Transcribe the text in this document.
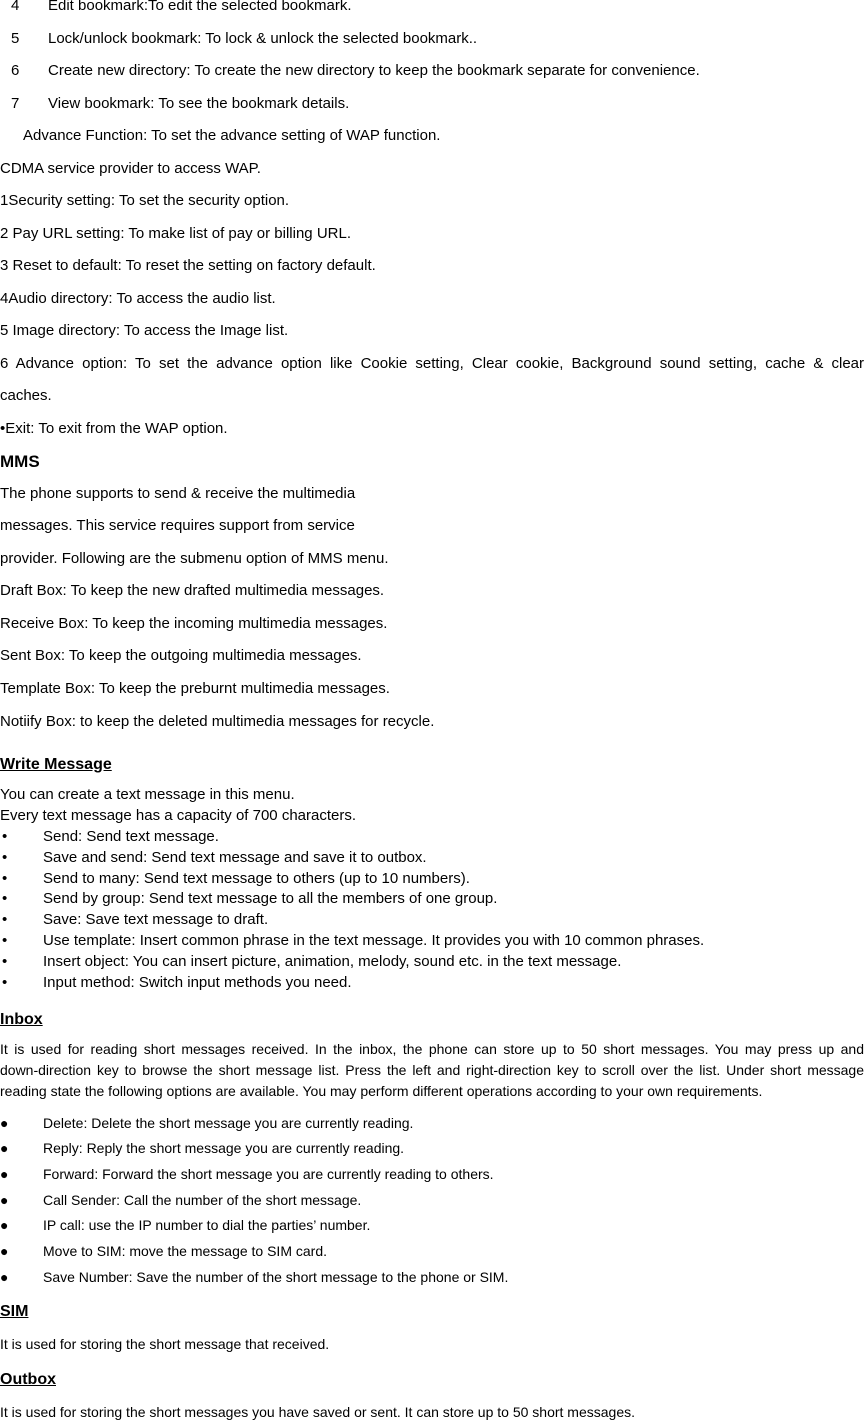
4	Edit bookmark:To edit the selected bookmark.
5	Lock/unlock bookmark: To lock & unlock the selected bookmark..
6	Create new directory: To create the new directory to keep the bookmark separate for convenience.
7	View bookmark: To see the bookmark details.
Advance Function: To set the advance setting of WAP function.
CDMA service provider to access WAP.
1Security setting: To set the security option.
2 Pay URL setting: To make list of pay or billing URL.
3 Reset to default: To reset the setting on factory default.
4Audio directory: To access the audio list.
5 Image directory: To access the Image list.
6 Advance option: To set the advance option like Cookie setting, Clear cookie, Background sound setting, cache & clear
caches.
•Exit: To exit from the WAP option.
MMS
The phone supports to send & receive the multimedia
messages. This service requires support from service
provider. Following are the submenu option of MMS menu.
Draft Box: To keep the new drafted multimedia messages.
Receive Box: To keep the incoming multimedia messages.
Sent Box: To keep the outgoing multimedia messages.
Template Box: To keep the preburnt multimedia messages.
Notiify Box: to keep the deleted multimedia messages for recycle.
Write Message
You can create a text message in this menu.
Every text message has a capacity of 700 characters.
•	Send: Send text message.
•	Save and send: Send text message and save it to outbox.
•	Send to many: Send text message to others (up to 10 numbers).
•	Send by group: Send text message to all the members of one group.
•	Save: Save text message to draft.
•	Use template: Insert common phrase in the text message. It provides you with 10 common phrases.
•	Insert object: You can insert picture, animation, melody, sound etc. in the text message.
•	Input method: Switch input methods you need.
Inbox
It is used for reading short messages received. In the inbox, the phone can store up to 50 short messages. You may press up and
down-direction key to browse the short message list. Press the left and right-direction key to scroll over the list. Under short message
reading state the following options are available. You may perform different operations according to your own requirements.
● Delete: Delete the short message you are currently reading.
● Reply: Reply the short message you are currently reading.
● Forward: Forward the short message you are currently reading to others.
● Call Sender: Call the number of the short message.
● IP call: use the IP number to dial the parties’ number.
● Move to SIM: move the message to SIM card.
● Save Number: Save the number of the short message to the phone or SIM.
SIM
It is used for storing the short message that received.
Outbox
It is used for storing the short messages you have saved or sent. It can store up to 50 short messages.
